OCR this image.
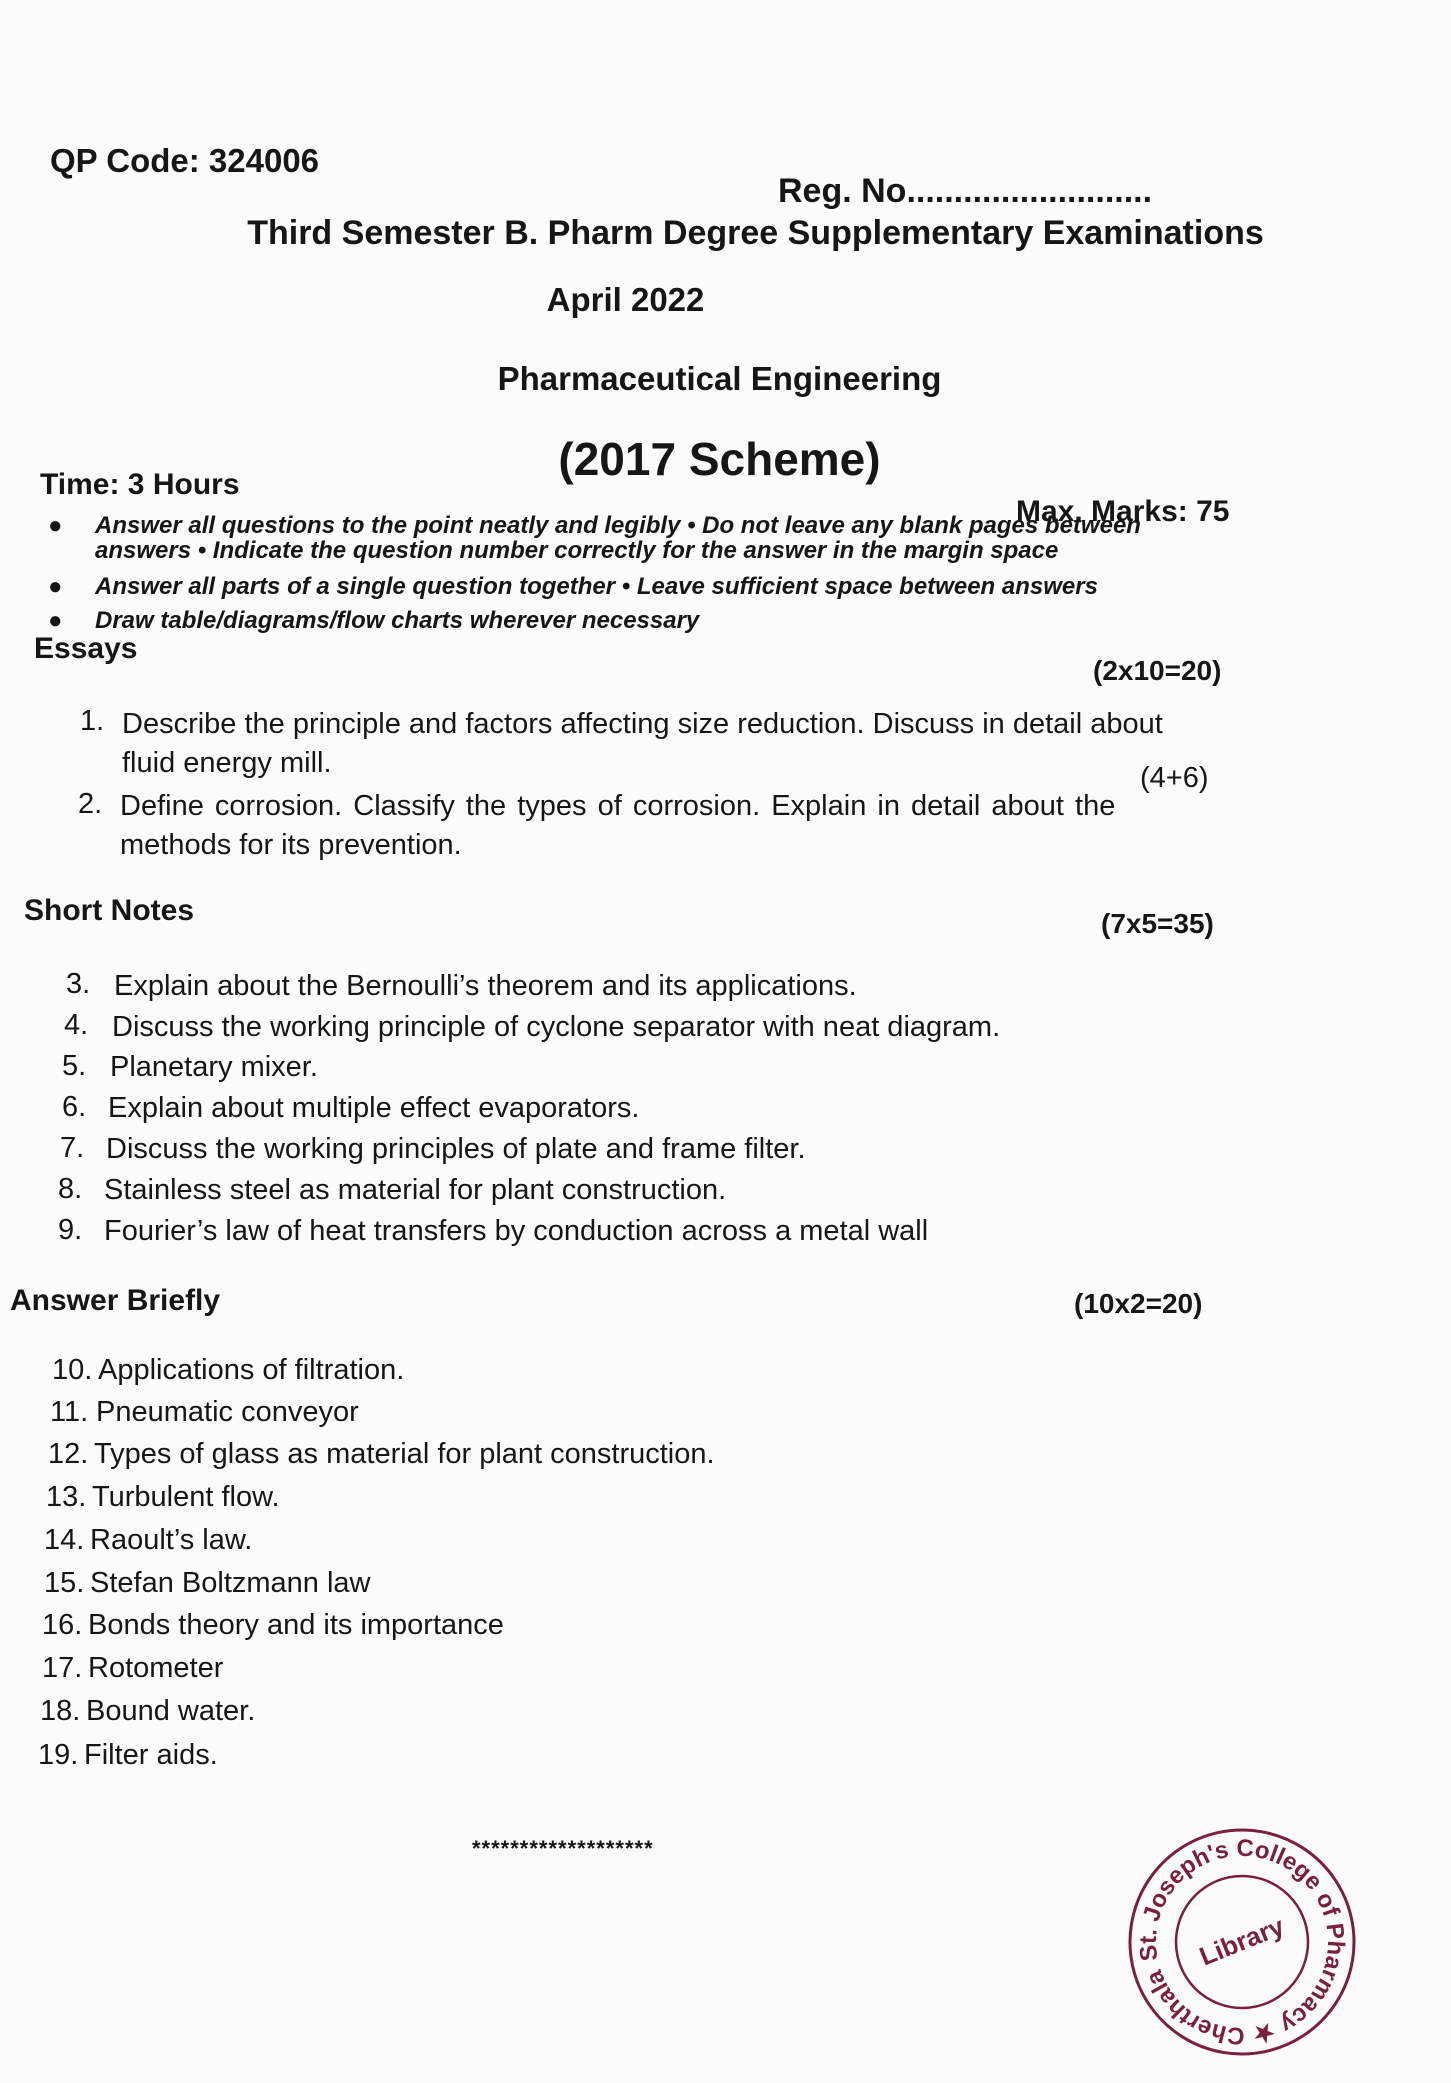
QP Code: 324006
Reg. No..........................
Third Semester B. Pharm Degree Supplementary Examinations
April 2022
Pharmaceutical Engineering
(2017 Scheme)
Time: 3 Hours
Max. Marks: 75
● Answer all questions to the point neatly and legibly • Do not leave any blank pages between
answers • Indicate the question number correctly for the answer in the margin space
● Answer all parts of a single question together • Leave sufficient space between answers
● Draw table/diagrams/flow charts wherever necessary
Essays
(2x10=20)
1. Describe the principle and factors affecting size reduction. Discuss in detail about
fluid energy mill.	(4+6)
2. Define corrosion. Classify the types of corrosion. Explain in detail about the
methods for its prevention.
Short Notes	(7x5=35)
3. Explain about the Bernoulli’s theorem and its applications.
4. Discuss the working principle of cyclone separator with neat diagram.
5. Planetary mixer.
6. Explain about multiple effect evaporators.
7. Discuss the working principles of plate and frame filter.
8. Stainless steel as material for plant construction.
9. Fourier’s law of heat transfers by conduction across a metal wall
Answer Briefly	(10x2=20)
10. Applications of filtration.
11. Pneumatic conveyor
12. Types of glass as material for plant construction.
13. Turbulent flow.
14. Raoult’s law.
15. Stefan Boltzmann law
16. Bonds theory and its importance
17. Rotometer
18. Bound water.
19. Filter aids.
*******************
St. Joseph's College of Pharmacy ★ Cherthala
Library
